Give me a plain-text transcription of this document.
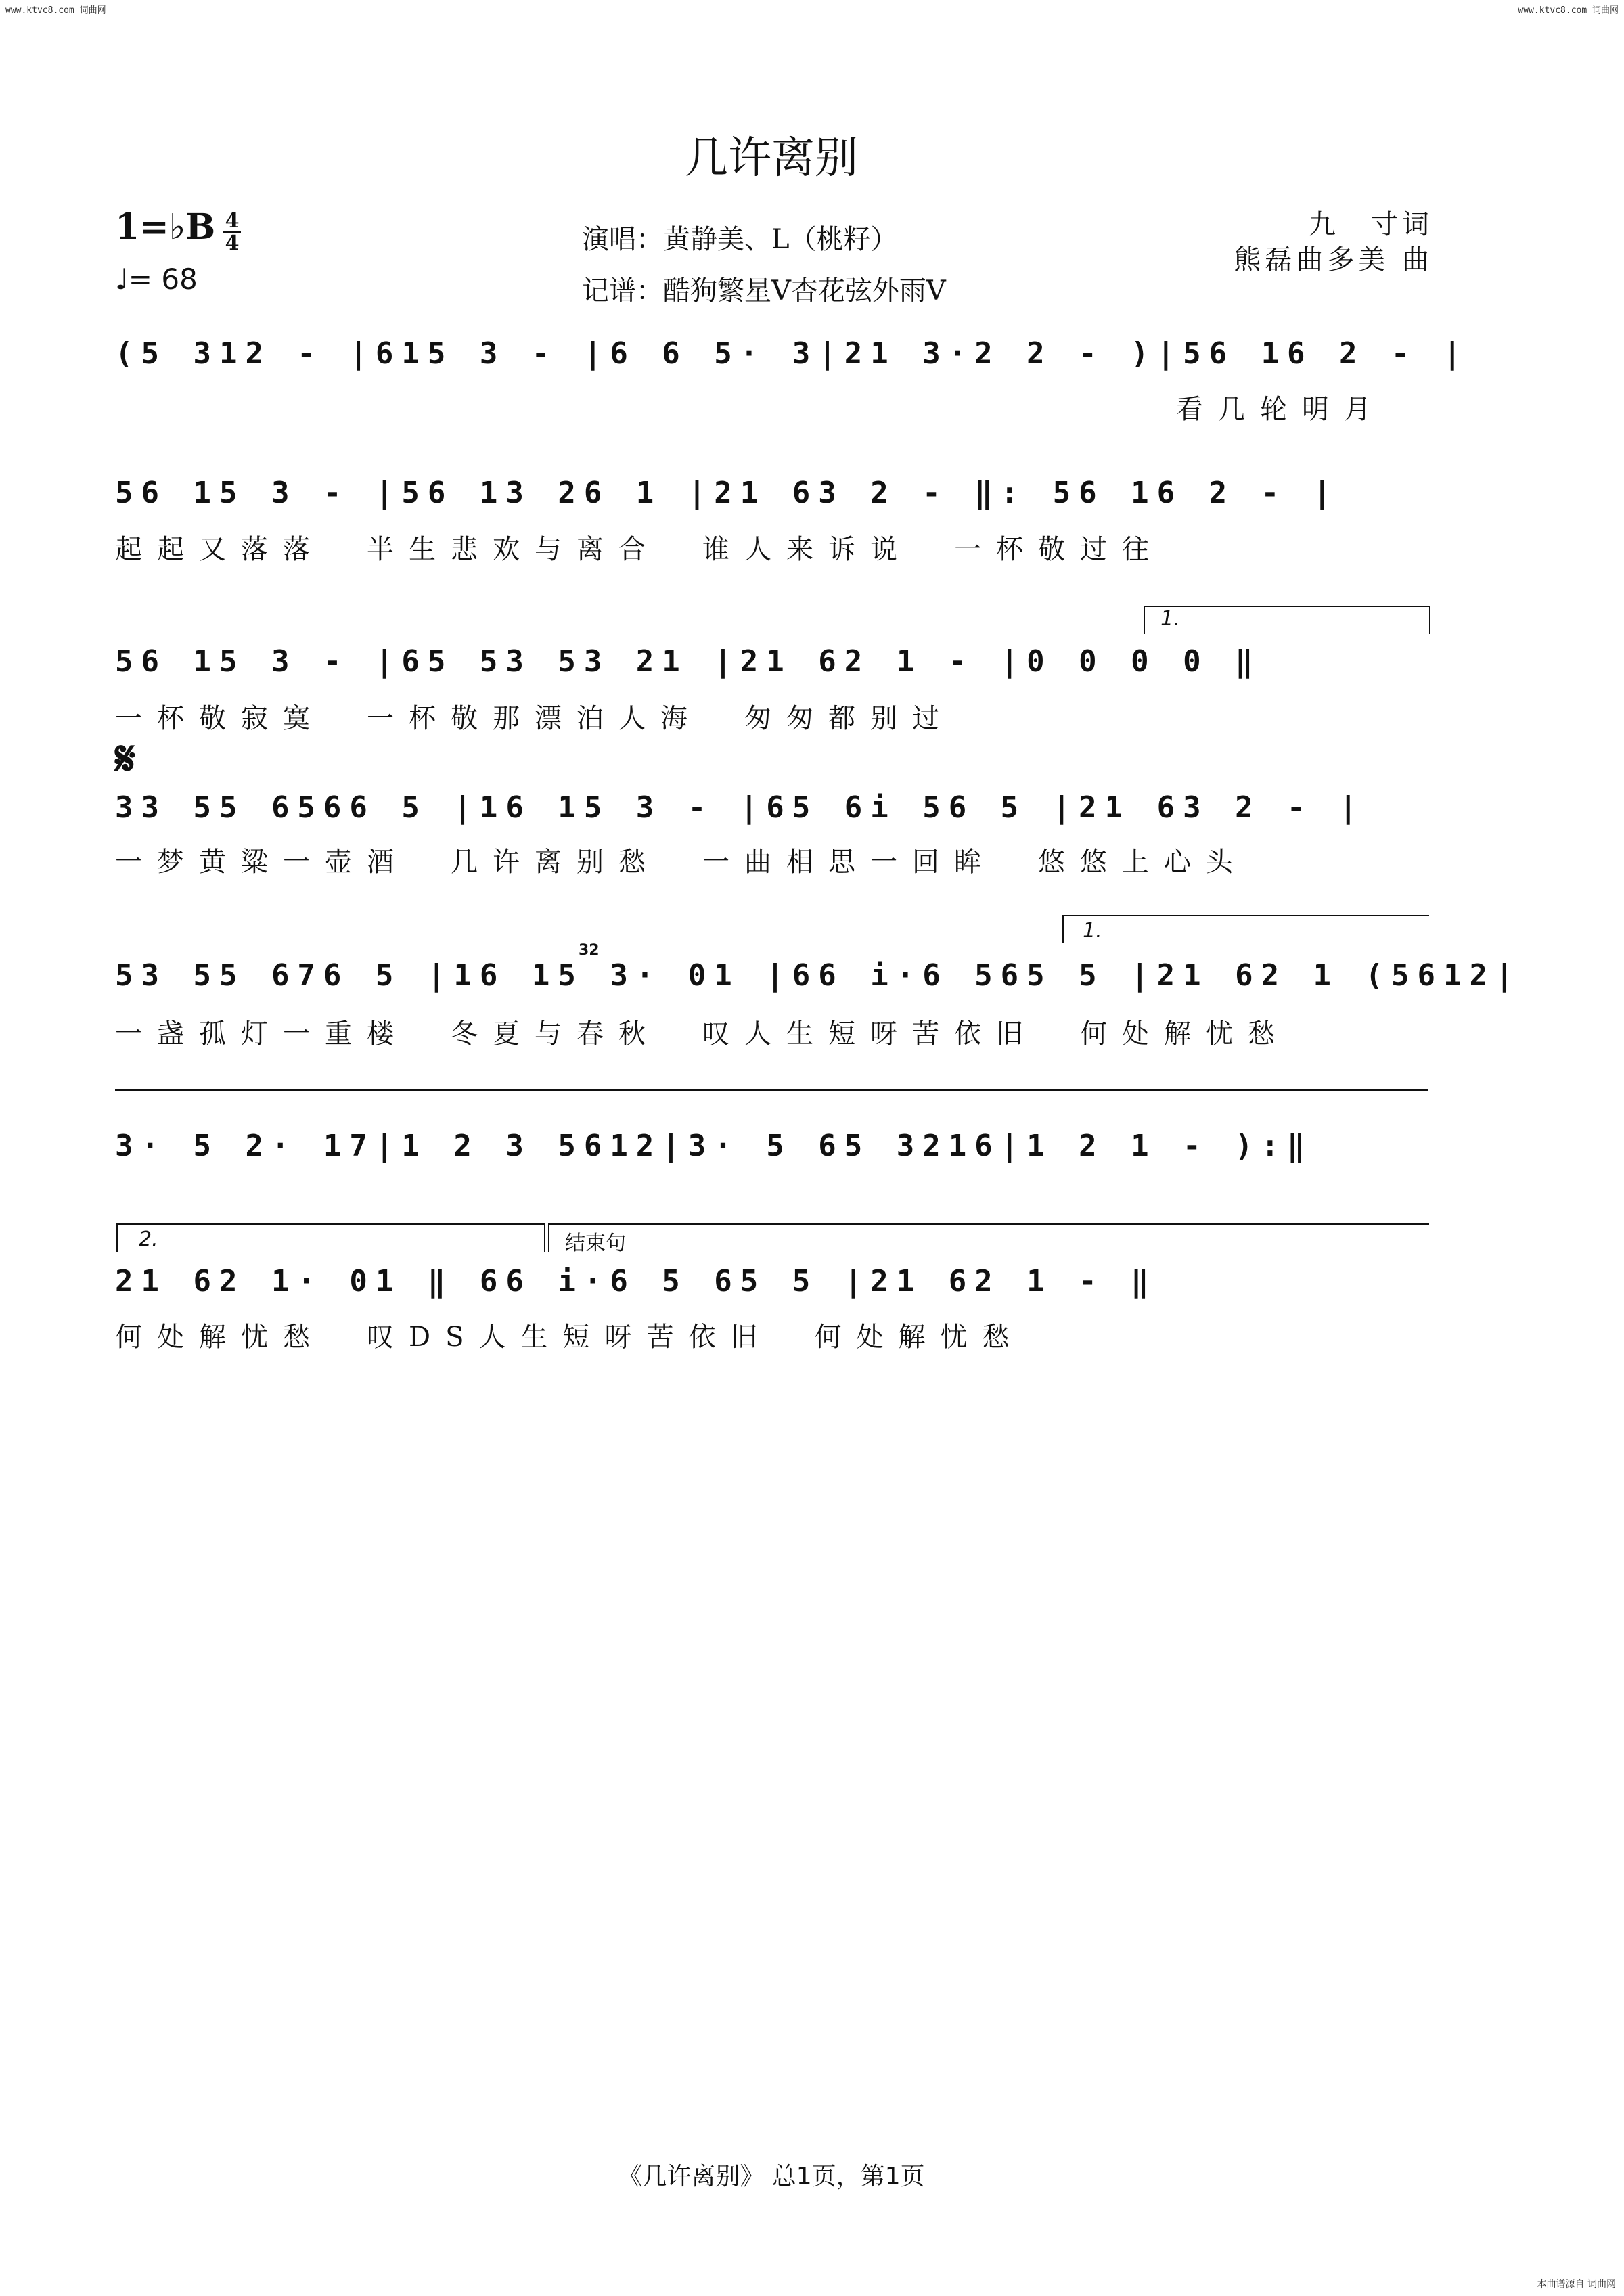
www.ktvc8.com 词曲网	www.ktvc8.com 词曲网
几许离别
1=♭B 4
4
♩= 68
演唱：黄静美、L（桃籽）
记谱：酷狗繁星V杏花弦外雨V
九　寸词
熊磊曲多美 曲
(5 312 - |615 3 - |6 6 5· 3|21 3·2 2 - )|56 16 2 - |
看几轮明月
56 15 3 - |56 13 26 1 |21 63 2 - ‖: 56 16 2 - |
起起又落落　半生悲欢与离合　谁人来诉说　一杯敬过往
1.
56 15 3 - |65 53 53 21 |21 62 1 - |0 0 0 0 ‖
一杯敬寂寞　一杯敬那漂泊人海　匆匆都别过
𝄋
33 55 6566 5 |16 15 3 - |65 6i 56 5 |21 63 2 - |
一梦黄粱一壶酒　几许离别愁　一曲相思一回眸　悠悠上心头
1.
32
53 55 676 5 |16 15 3· 01 |66 i·6 565 5 |21 62 1 (5612|
一盏孤灯一重楼　冬夏与春秋　叹人生短呀苦依旧　何处解忧愁
3· 5 2· 17|1 2 3 5612|3· 5 65 3216|1 2 1 - ):‖
2.	结束句
21 62 1· 01 ‖ 66 i·6 5 65 5 |21 62 1 - ‖
何处解忧愁　叹DS人生短呀苦依旧　何处解忧愁
《几许离别》 总1页，第1页
本曲谱源自 词曲网
